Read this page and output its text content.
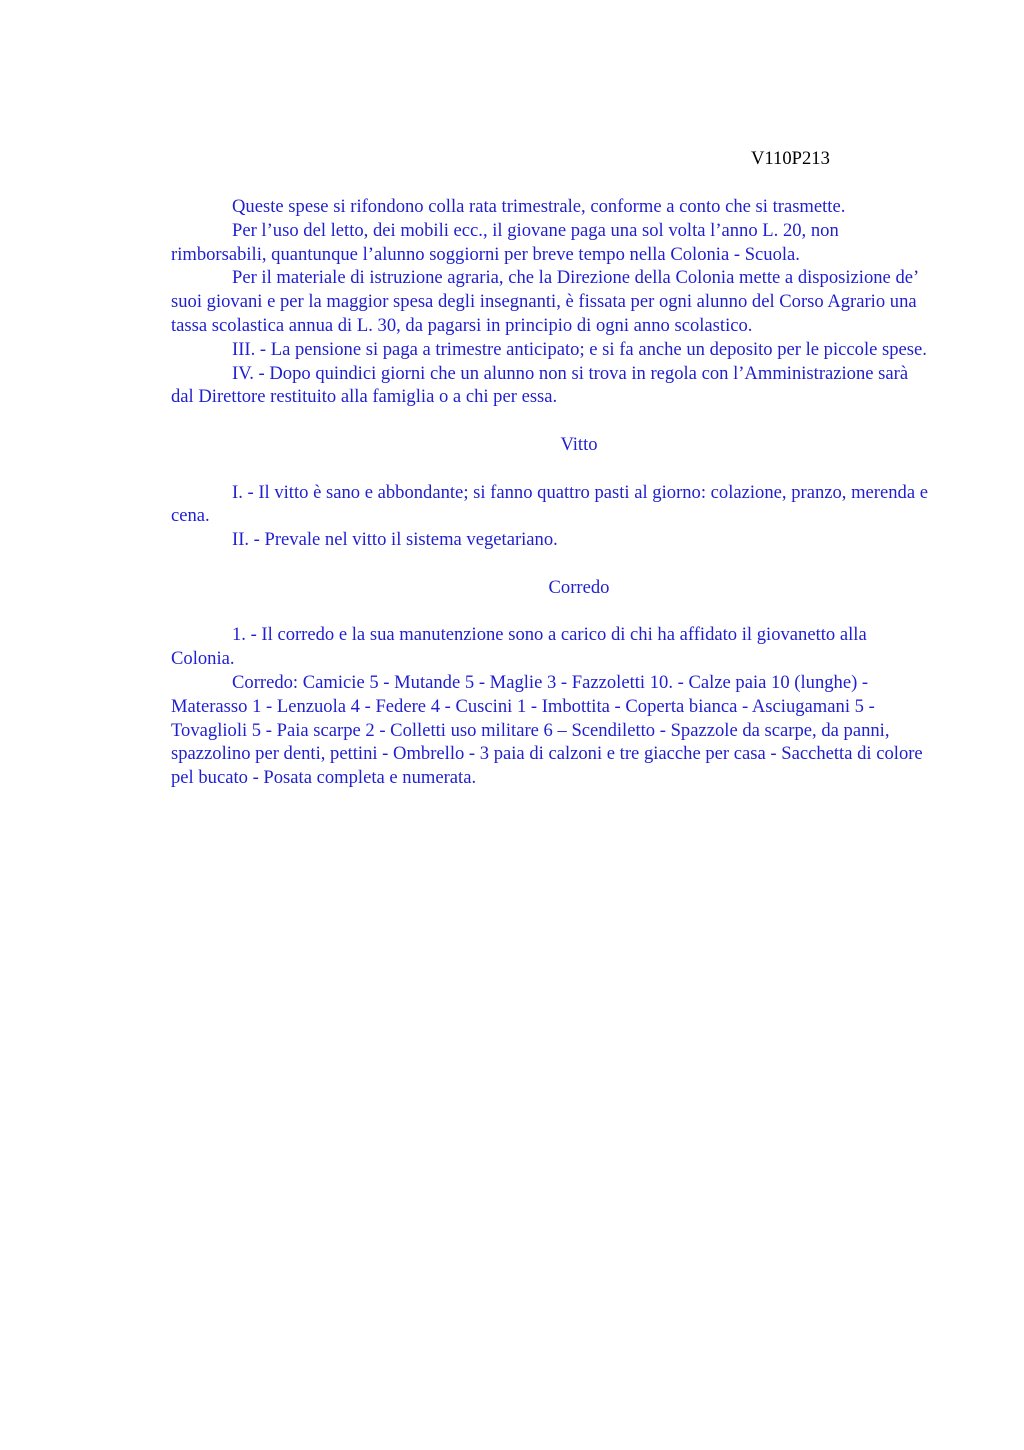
V110P213

Queste spese si rifondono colla rata trimestrale, conforme a conto che si trasmette.

Per l’uso del letto, dei mobili ecc., il giovane paga una sol volta l’anno L. 20, non rimborsabili, quantunque l’alunno soggiorni per breve tempo nella Colonia - Scuola.

Per il materiale di istruzione agraria, che la Direzione della Colonia mette a disposizione de’ suoi giovani e per la maggior spesa degli insegnanti, è fissata per ogni alunno del Corso Agrario una tassa scolastica annua di L. 30, da pagarsi in principio di ogni anno scolastico.

III. - La pensione si paga a trimestre anticipato; e si fa anche un deposito per le piccole spese.

IV. - Dopo quindici giorni che un alunno non si trova in regola con l’Amministrazione sarà dal Direttore restituito alla famiglia o a chi per essa.

Vitto

I. - Il vitto è sano e abbondante; si fanno quattro pasti al giorno: colazione, pranzo, merenda e cena.

II. - Prevale nel vitto il sistema vegetariano.

Corredo

1. - Il corredo e la sua manutenzione sono a carico di chi ha affidato il giovanetto alla Colonia.

Corredo: Camicie 5 - Mutande 5 - Maglie 3 - Fazzoletti 10. - Calze paia 10 (lunghe) - Materasso 1 - Lenzuola 4 - Federe 4 - Cuscini 1 - Imbottita - Coperta bianca - Asciugamani 5 - Tovaglioli 5 - Paia scarpe 2 - Colletti uso militare 6 – Scendiletto - Spazzole da scarpe, da panni, spazzolino per denti, pettini - Ombrello - 3 paia di calzoni e tre giacche per casa - Sacchetta di colore pel bucato - Posata completa e numerata.
